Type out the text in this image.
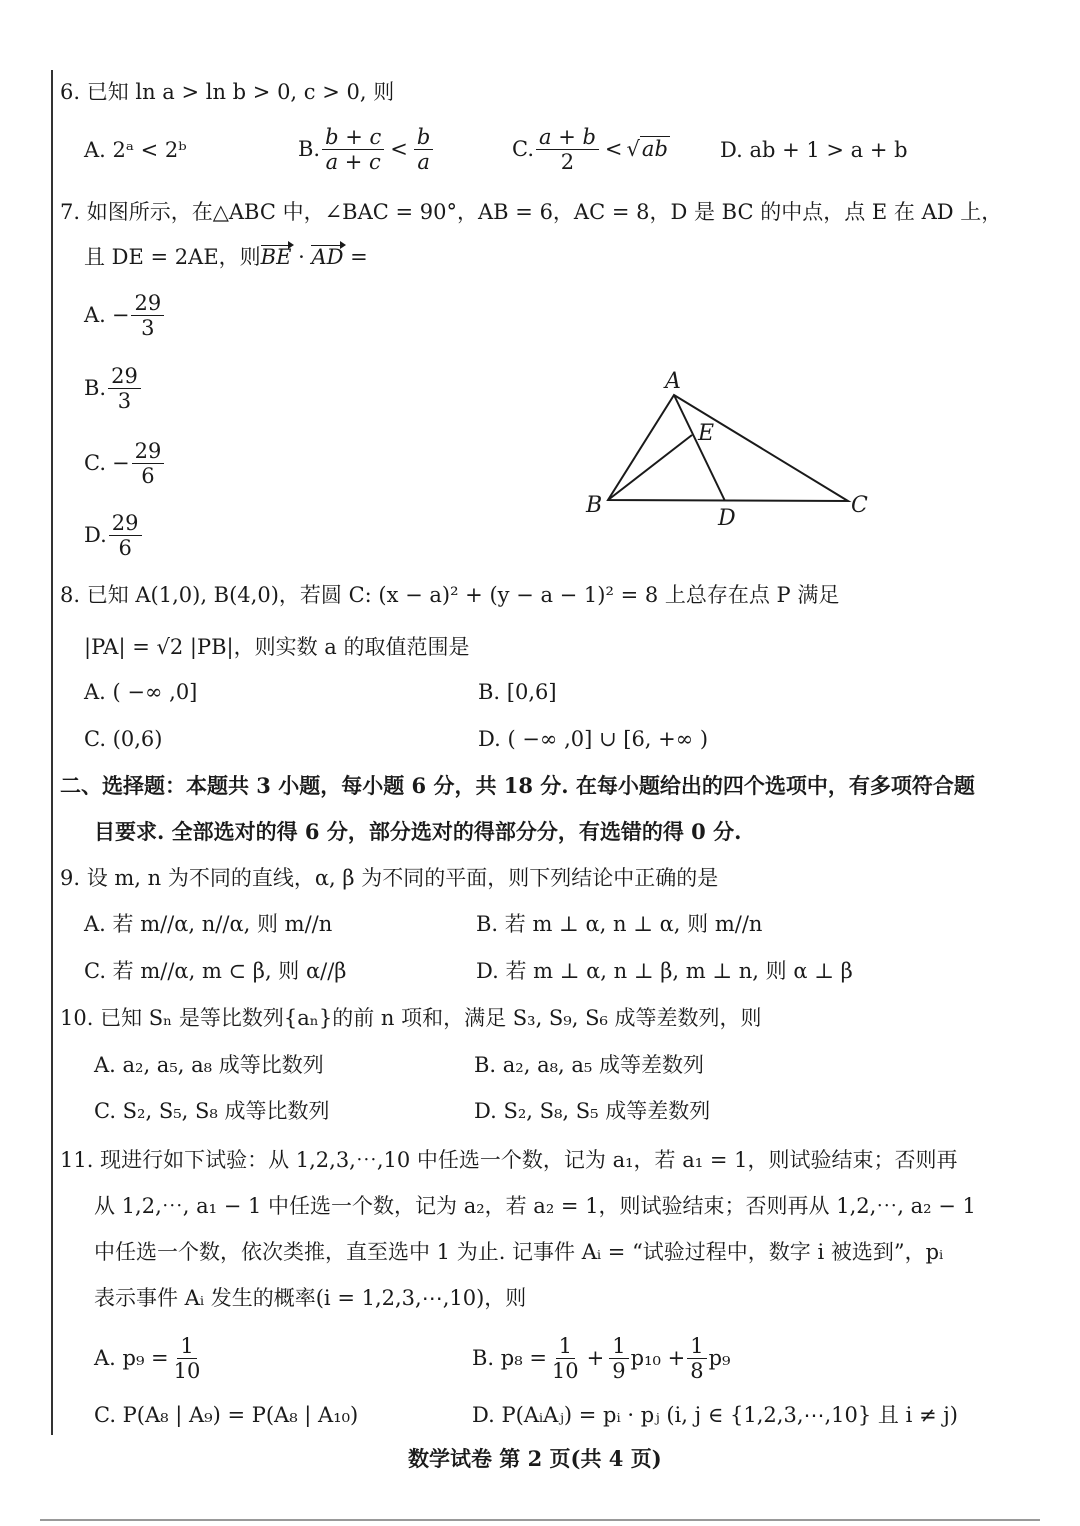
6. 已知 ln a > ln b > 0, c > 0, 则
A. 2ᵃ < 2ᵇ	B. $\frac{b + c}{a + c} < \frac{b}{a}$	C. $\frac{a + b}{2} < √ab$ D. ab + 1 > a + b
7. 如图所示，在△ABC 中，∠BAC = 90°，AB = 6，AC = 8，D 是 BC 的中点，点 E 在 AD 上，
且 DE = 2AE，则BE · AD =
A. − $\frac{29}{3}$
B. $\frac{29}{3}$
C. − $\frac{29}{6}$
D. $\frac{29}{6}$
A
B	C
D
E
8. 已知 A(1,0), B(4,0)，若圆 C: (x − a)² + (y − a − 1)² = 8 上总存在点 P 满足
|PA| = √2 |PB|，则实数 a 的取值范围是
A. ( −∞ ,0]	B. [0,6]
C. (0,6)	D. ( −∞ ,0] ∪ [6, +∞ )
二、选择题：本题共 3 小题，每小题 6 分，共 18 分. 在每小题给出的四个选项中，有多项符合题
目要求. 全部选对的得 6 分，部分选对的得部分分，有选错的得 0 分.
9. 设 m, n 为不同的直线，α, β 为不同的平面，则下列结论中正确的是
A. 若 m//α, n//α, 则 m//n	B. 若 m ⊥ α, n ⊥ α, 则 m//n
C. 若 m//α, m ⊂ β, 则 α//β	D. 若 m ⊥ α, n ⊥ β, m ⊥ n, 则 α ⊥ β
10. 已知 Sₙ 是等比数列{aₙ}的前 n 项和，满足 S₃, S₉, S₆ 成等差数列，则
A. a₂, a₅, a₈ 成等比数列	B. a₂, a₈, a₅ 成等差数列
C. S₂, S₅, S₈ 成等比数列	D. S₂, S₈, S₅ 成等差数列
11. 现进行如下试验：从 1,2,3,⋯,10 中任选一个数，记为 a₁，若 a₁ = 1，则试验结束；否则再
从 1,2,⋯, a₁ − 1 中任选一个数，记为 a₂，若 a₂ = 1，则试验结束；否则再从 1,2,⋯, a₂ − 1
中任选一个数，依次类推，直至选中 1 为止. 记事件 Aᵢ = “试验过程中，数字 i 被选到”，pᵢ
表示事件 Aᵢ 发生的概率(i = 1,2,3,⋯,10)，则
A. $p_9 = \frac{1}{10}$	B. $p_8 = \frac{1}{10} + \frac{1}{9} p_{10} + \frac{1}{8} p_9$
C. P(A₈ | A₉) = P(A₈ | A₁₀)	D. P(AᵢAⱼ) = pᵢ · pⱼ (i, j ∈ {1,2,3,⋯,10} 且 i ≠ j)
数学试卷 第 2 页(共 4 页)
